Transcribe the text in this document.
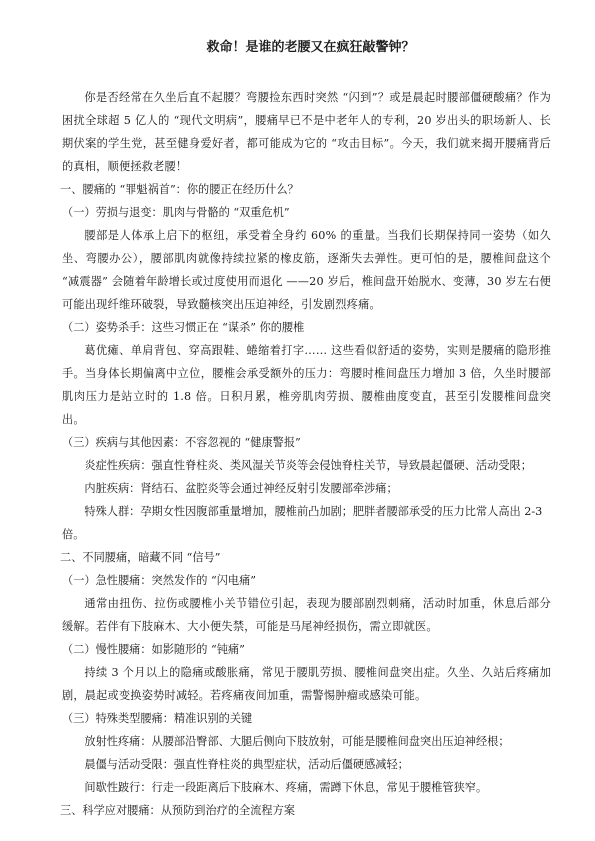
救命！是谁的老腰又在疯狂敲警钟？

你是否经常在久坐后直不起腰？弯腰捡东西时突然 “闪到”？或是晨起时腰部僵硬酸痛？作为困扰全球超 5 亿人的 “现代文明病”，腰痛早已不是中老年人的专利，20 岁出头的职场新人、长期伏案的学生党，甚至健身爱好者，都可能成为它的 “攻击目标”。今天，我们就来揭开腰痛背后的真相，顺便拯救老腰！

一、腰痛的 “罪魁祸首”：你的腰正在经历什么？

（一）劳损与退变：肌肉与骨骼的 “双重危机”

腰部是人体承上启下的枢纽，承受着全身约 60% 的重量。当我们长期保持同一姿势（如久坐、弯腰办公），腰部肌肉就像持续拉紧的橡皮筋，逐渐失去弹性。更可怕的是，腰椎间盘这个 “减震器” 会随着年龄增长或过度使用而退化 ——20 岁后，椎间盘开始脱水、变薄，30 岁左右便可能出现纤维环破裂，导致髓核突出压迫神经，引发剧烈疼痛。

（二）姿势杀手：这些习惯正在 “谋杀” 你的腰椎

葛优瘫、单肩背包、穿高跟鞋、蜷缩着打字…… 这些看似舒适的姿势，实则是腰痛的隐形推手。当身体长期偏离中立位，腰椎会承受额外的压力：弯腰时椎间盘压力增加 3 倍，久坐时腰部肌肉压力是站立时的 1.8 倍。日积月累，椎旁肌肉劳损、腰椎曲度变直，甚至引发腰椎间盘突出。

（三）疾病与其他因素：不容忽视的 “健康警报”

炎症性疾病：强直性脊柱炎、类风湿关节炎等会侵蚀脊柱关节，导致晨起僵硬、活动受限；

内脏疾病：肾结石、盆腔炎等会通过神经反射引发腰部牵涉痛；

特殊人群：孕期女性因腹部重量增加，腰椎前凸加剧；肥胖者腰部承受的压力比常人高出 2-3 倍。

二、不同腰痛，暗藏不同 “信号”

（一）急性腰痛：突然发作的 “闪电痛”

通常由扭伤、拉伤或腰椎小关节错位引起，表现为腰部剧烈刺痛，活动时加重，休息后部分缓解。若伴有下肢麻木、大小便失禁，可能是马尾神经损伤，需立即就医。

（二）慢性腰痛：如影随形的 “钝痛”

持续 3 个月以上的隐痛或酸胀痛，常见于腰肌劳损、腰椎间盘突出症。久坐、久站后疼痛加剧，晨起或变换姿势时减轻。若疼痛夜间加重，需警惕肿瘤或感染可能。

（三）特殊类型腰痛：精准识别的关键

放射性疼痛：从腰部沿臀部、大腿后侧向下肢放射，可能是腰椎间盘突出压迫神经根；

晨僵与活动受限：强直性脊柱炎的典型症状，活动后僵硬感减轻；

间歇性跛行：行走一段距离后下肢麻木、疼痛，需蹲下休息，常见于腰椎管狭窄。

三、科学应对腰痛：从预防到治疗的全流程方案
